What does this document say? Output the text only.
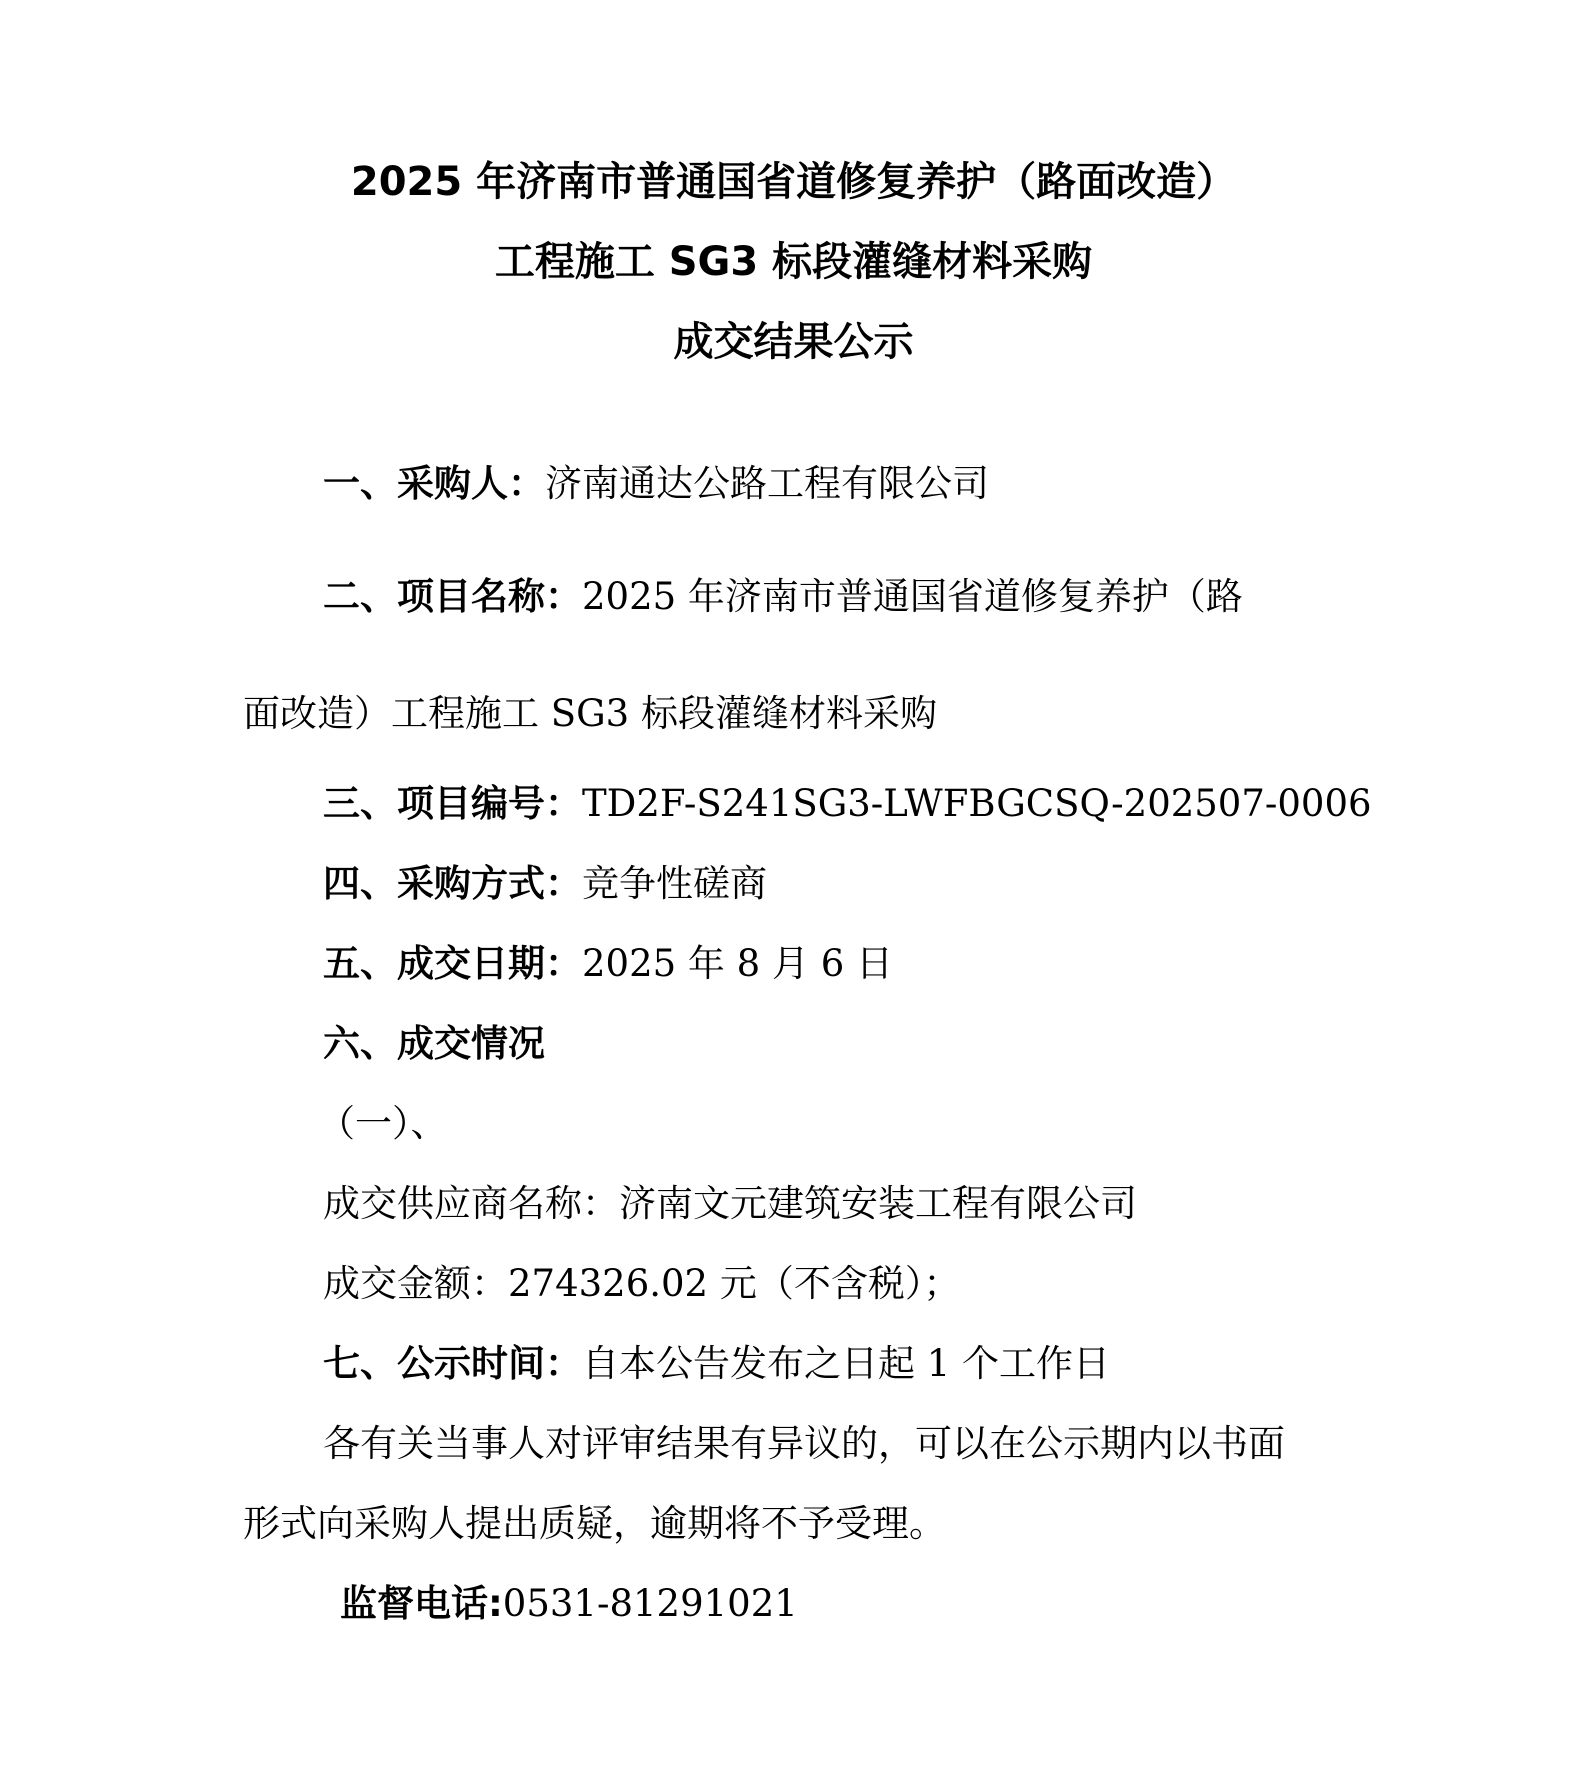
2025 年济南市普通国省道修复养护（路面改造）
工程施工 SG3 标段灌缝材料采购
成交结果公示
一、采购人：济南通达公路工程有限公司
二、项目名称：2025 年济南市普通国省道修复养护（路
面改造）工程施工 SG3 标段灌缝材料采购
三、项目编号：TD2F-S241SG3-LWFBGCSQ-202507-0006
四、采购方式：竞争性磋商
五、成交日期：2025 年 8 月 6 日
六、成交情况
（一）、
成交供应商名称：济南文元建筑安装工程有限公司
成交金额：274326.02 元（不含税）；
七、公示时间：自本公告发布之日起 1 个工作日
各有关当事人对评审结果有异议的，可以在公示期内以书面
形式向采购人提出质疑，逾期将不予受理。
监督电话:0531-81291021
